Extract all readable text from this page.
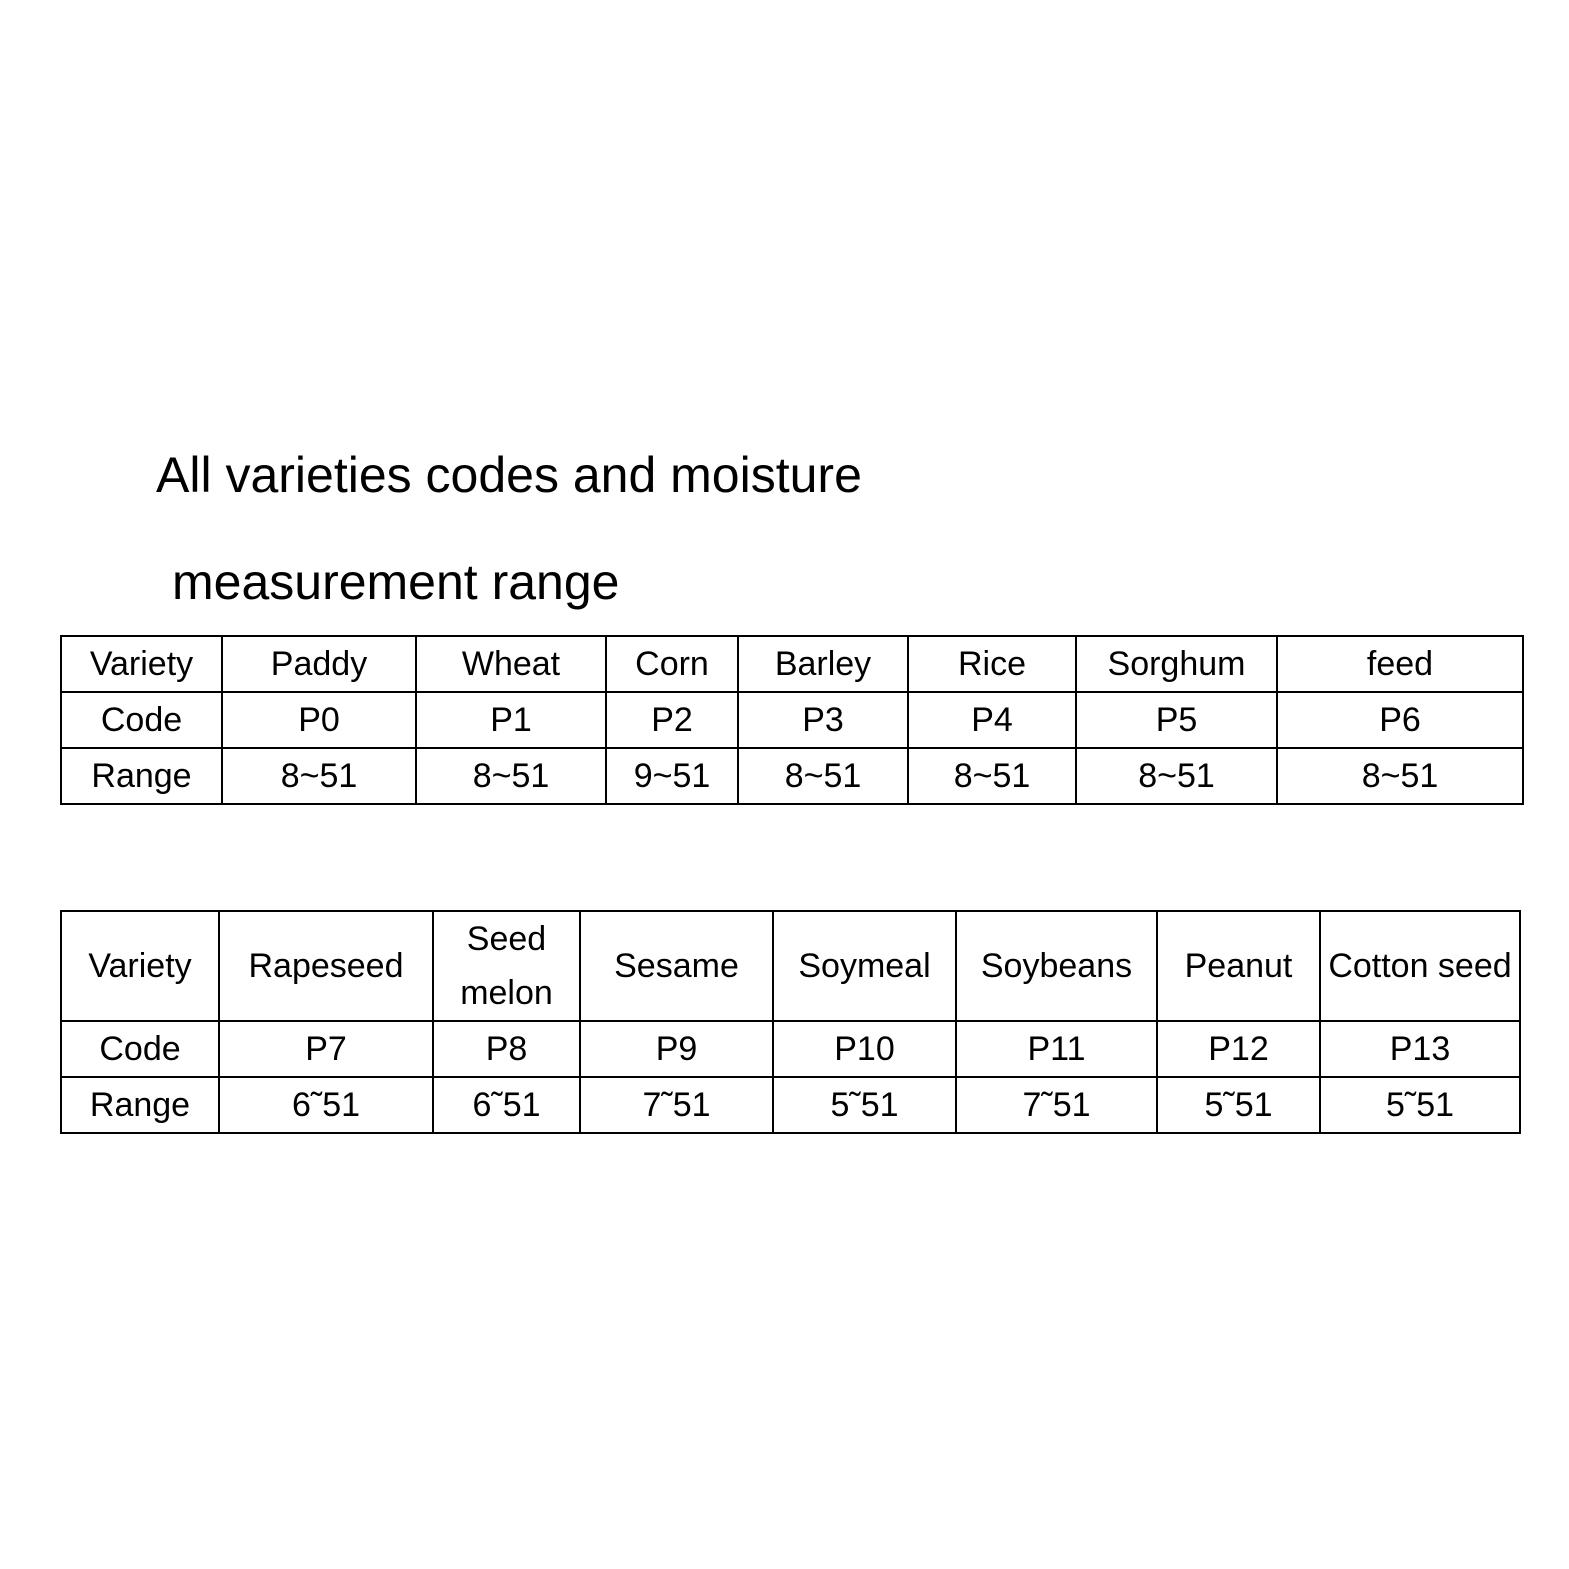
All varieties codes and moisture
measurement range
Variety	Paddy	Wheat	Corn	Barley	Rice	Sorghum	feed
Code	P0	P1	P2	P3	P4	P5	P6
Range	8~51	8~51	9~51	8~51	8~51	8~51	8~51
Variety	Rapeseed	Seed melon	Sesame	Soymeal	Soybeans	Peanut	Cotton seed
Code	P7	P8	P9	P10	P11	P12	P13
Range	6˜51	6˜51	7˜51	5˜51	7˜51	5˜51	5˜51
